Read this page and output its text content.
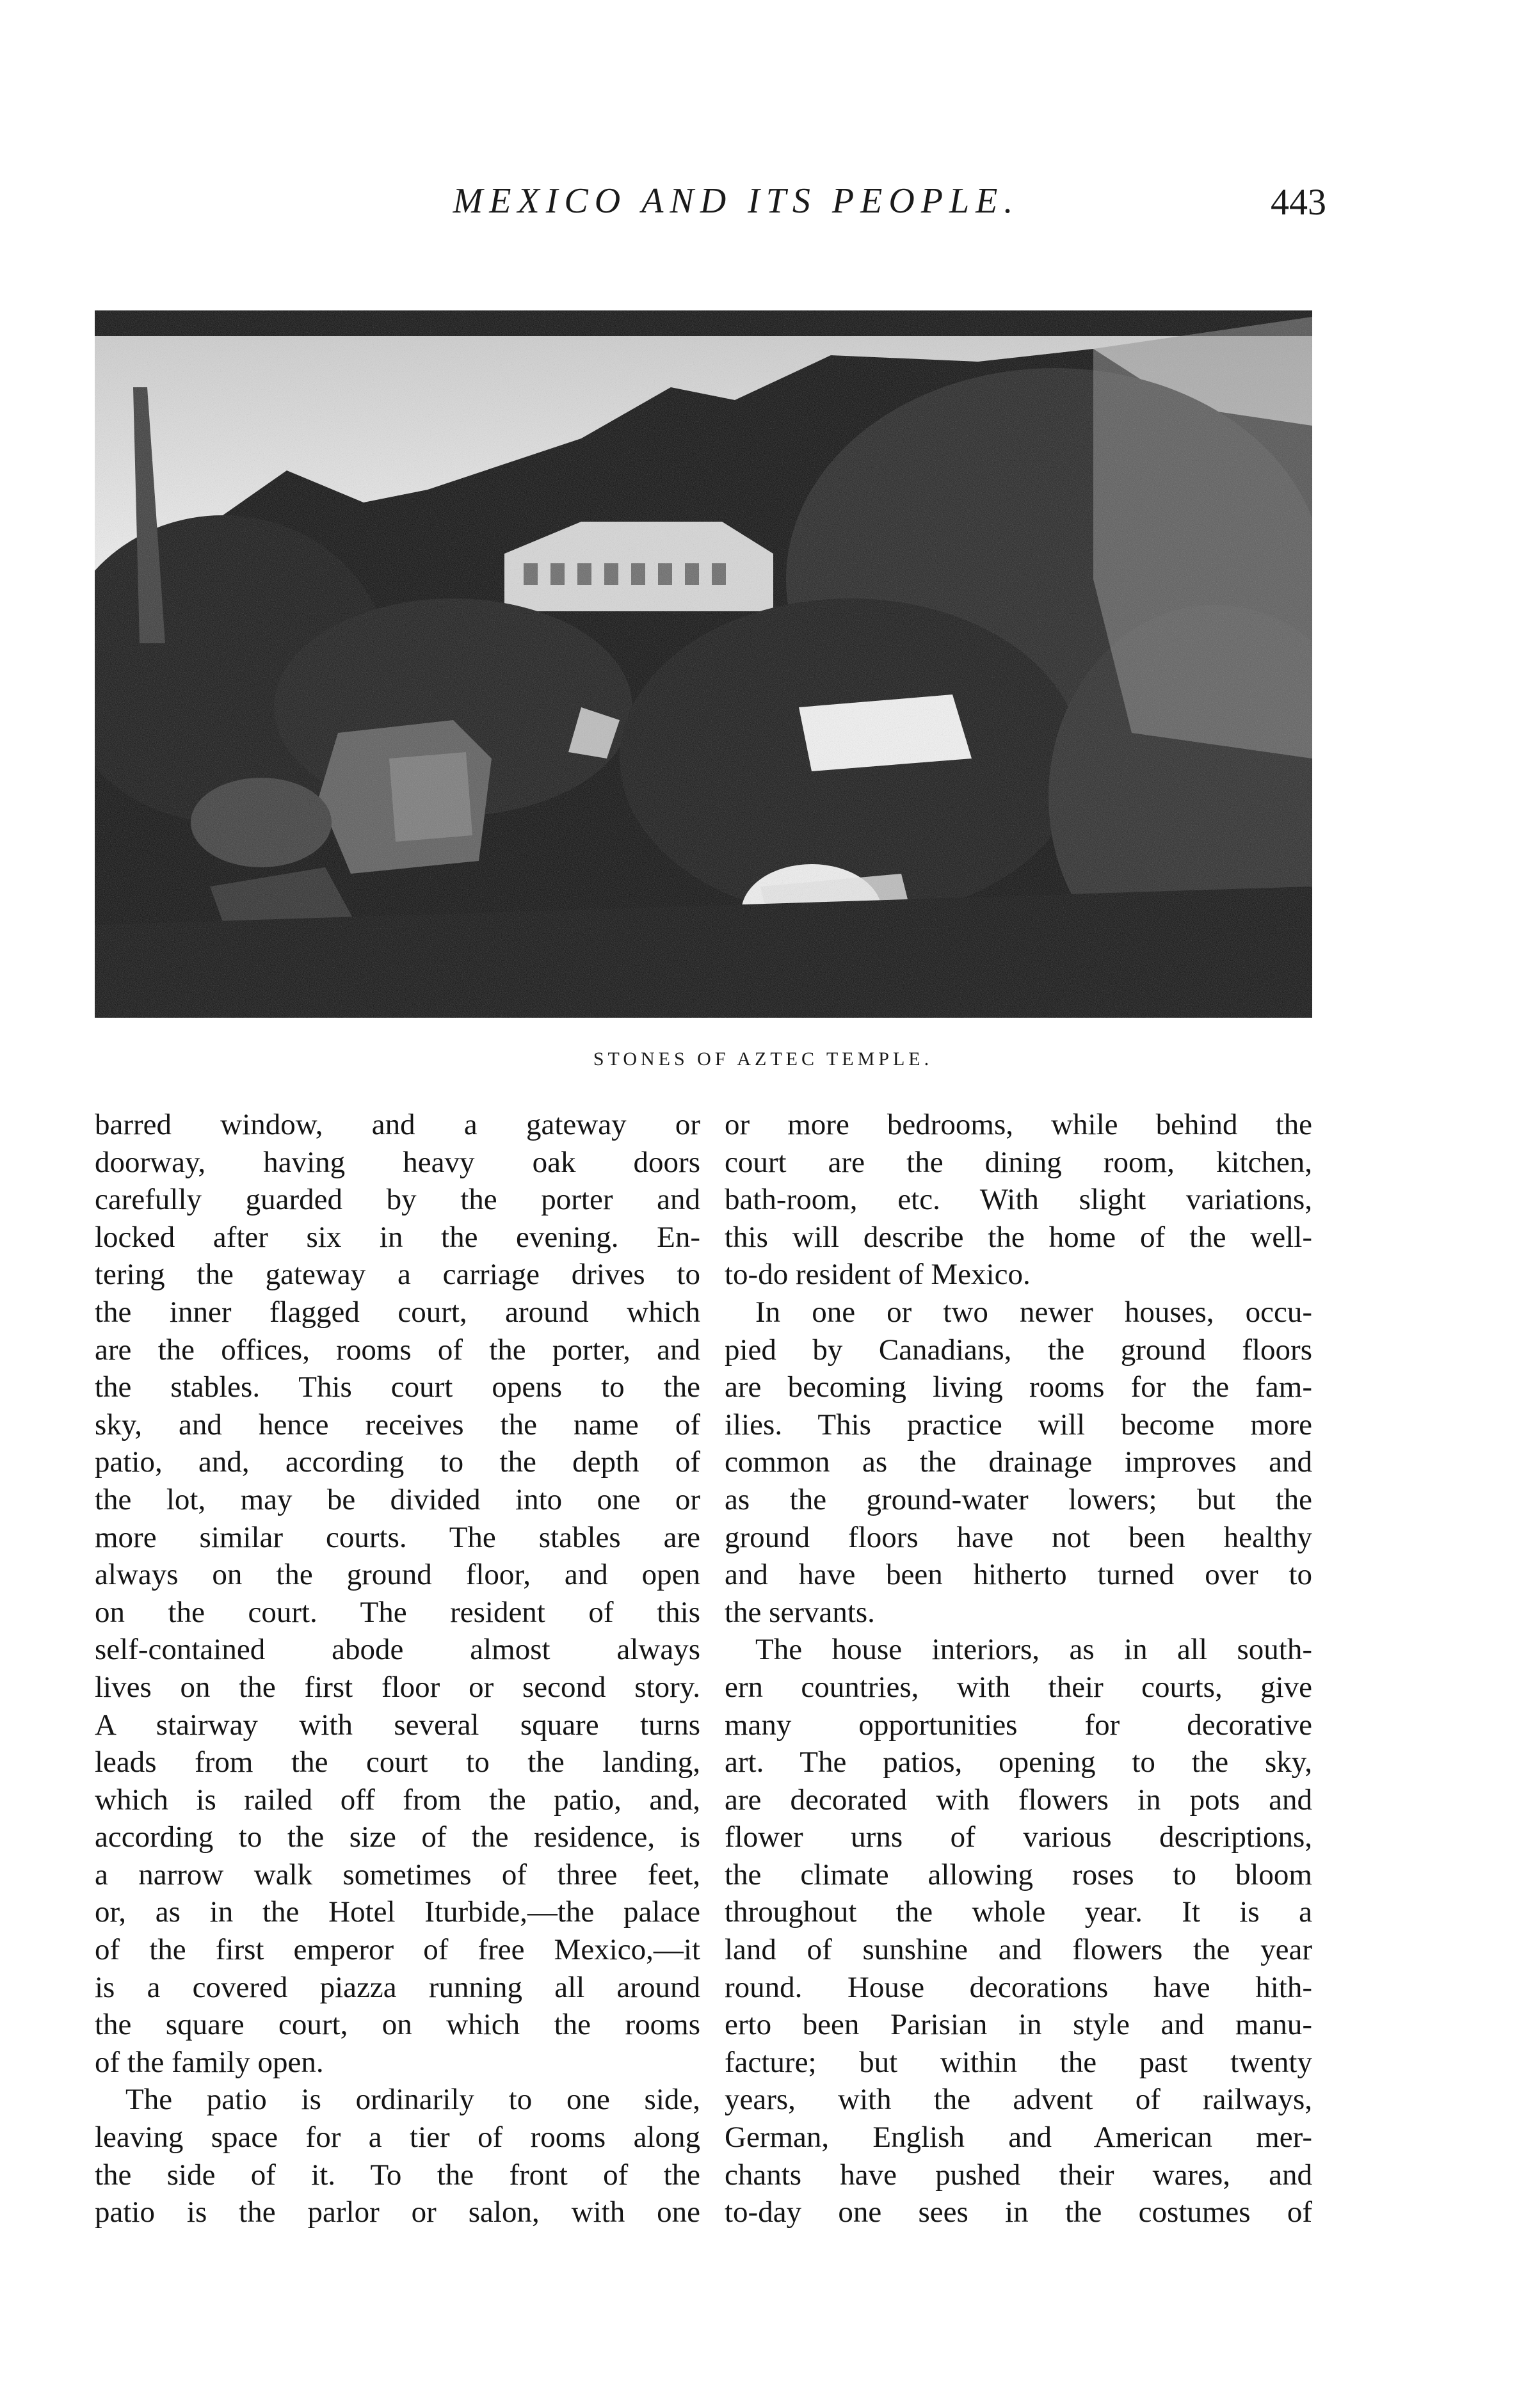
MEXICO AND ITS PEOPLE.	443
STONES OF AZTEC TEMPLE.
barred window, and a gateway or
doorway, having heavy oak doors
carefully guarded by the porter and
locked after six in the evening. En-
tering the gateway a carriage drives to
the inner flagged court, around which
are the offices, rooms of the porter, and
the stables. This court opens to the
sky, and hence receives the name of
patio, and, according to the depth of
the lot, may be divided into one or
more similar courts. The stables are
always on the ground floor, and open
on the court. The resident of this
self-contained abode almost always
lives on the first floor or second story.
A stairway with several square turns
leads from the court to the landing,
which is railed off from the patio, and,
according to the size of the residence, is
a narrow walk sometimes of three feet,
or, as in the Hotel Iturbide,—the palace
of the first emperor of free Mexico,—it
is a covered piazza running all around
the square court, on which the rooms
of the family open.
The patio is ordinarily to one side,
leaving space for a tier of rooms along
the side of it. To the front of the
patio is the parlor or salon, with one
or more bedrooms, while behind the
court are the dining room, kitchen,
bath-room, etc. With slight variations,
this will describe the home of the well-
to-do resident of Mexico.
In one or two newer houses, occu-
pied by Canadians, the ground floors
are becoming living rooms for the fam-
ilies. This practice will become more
common as the drainage improves and
as the ground-water lowers; but the
ground floors have not been healthy
and have been hitherto turned over to
the servants.
The house interiors, as in all south-
ern countries, with their courts, give
many opportunities for decorative
art. The patios, opening to the sky,
are decorated with flowers in pots and
flower urns of various descriptions,
the climate allowing roses to bloom
throughout the whole year. It is a
land of sunshine and flowers the year
round. House decorations have hith-
erto been Parisian in style and manu-
facture; but within the past twenty
years, with the advent of railways,
German, English and American mer-
chants have pushed their wares, and
to-day one sees in the costumes of
